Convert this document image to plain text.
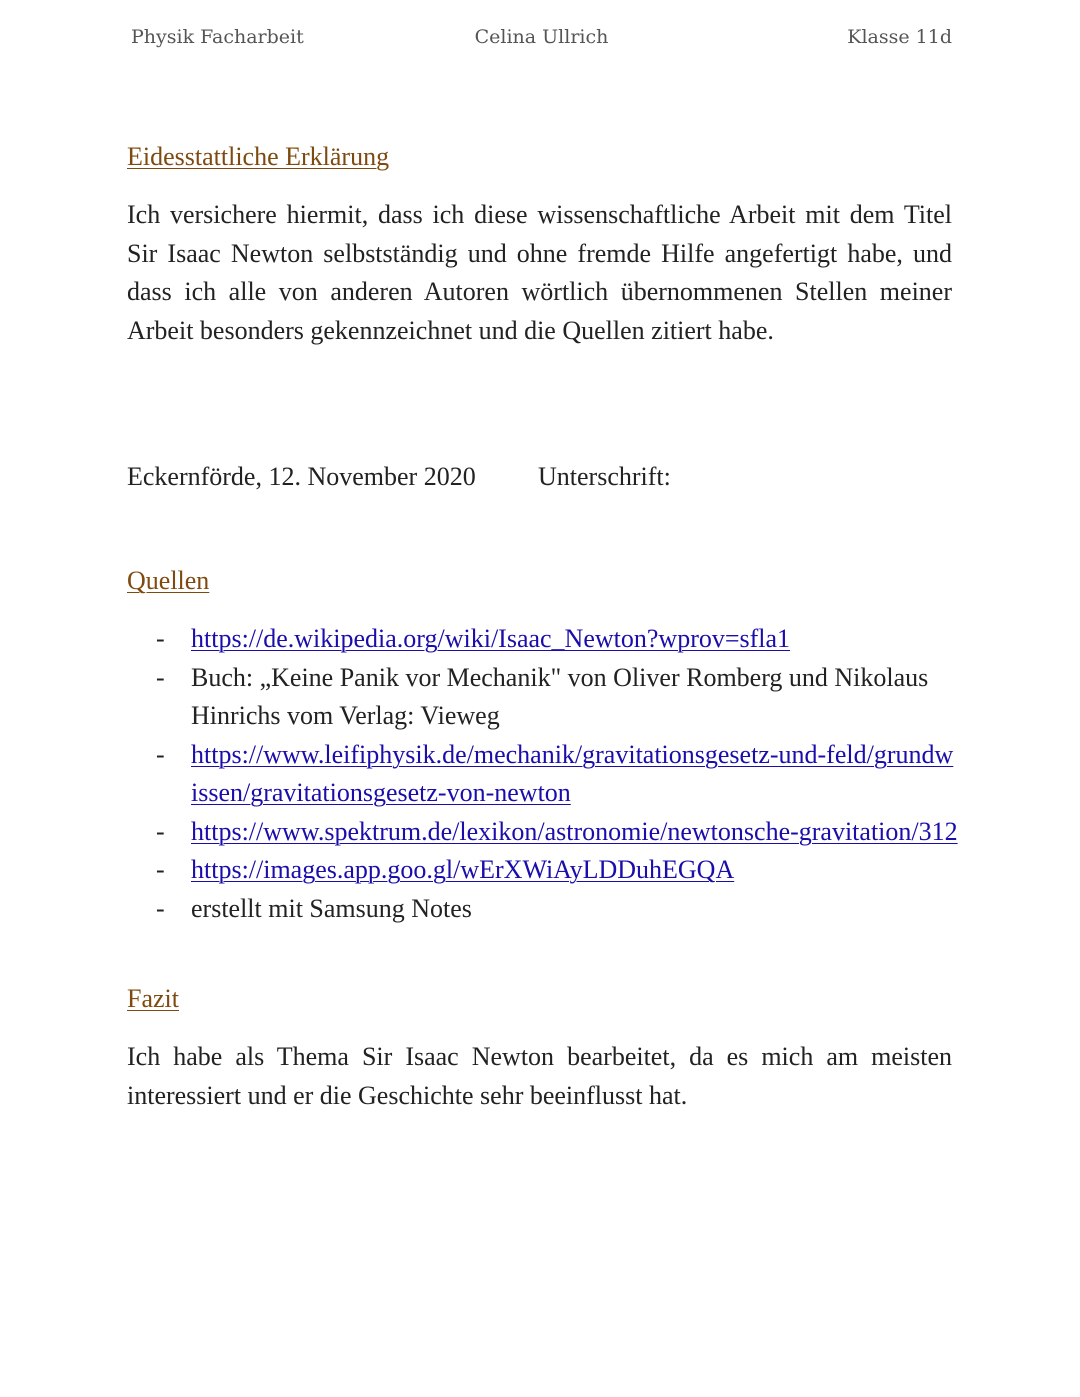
Physik Facharbeit	Celina Ullrich	Klasse 11d
Eidesstattliche Erklärung

Ich versichere hiermit, dass ich diese wissenschaftliche Arbeit mit dem Titel Sir Isaac Newton selbstständig und ohne fremde Hilfe angefertigt habe, und dass ich alle von anderen Autoren wörtlich übernommenen Stellen meiner Arbeit besonders gekennzeichnet und die Quellen zitiert habe.

Eckernförde, 12. November 2020 Unterschrift:
Quellen
- https://de.wikipedia.org/wiki/Isaac_Newton?wprov=sfla1
- Buch: „Keine Panik vor Mechanik" von Oliver Romberg und Nikolaus Hinrichs vom Verlag: Vieweg
- https://www.leifiphysik.de/mechanik/gravitationsgesetz-und-feld/grundwissen/gravitationsgesetz-von-newton
- https://www.spektrum.de/lexikon/astronomie/newtonsche-gravitation/312
- https://images.app.goo.gl/wErXWiAyLDDuhEGQA
- erstellt mit Samsung Notes
Fazit

Ich habe als Thema Sir Isaac Newton bearbeitet, da es mich am meisten interessiert und er die Geschichte sehr beeinflusst hat.
